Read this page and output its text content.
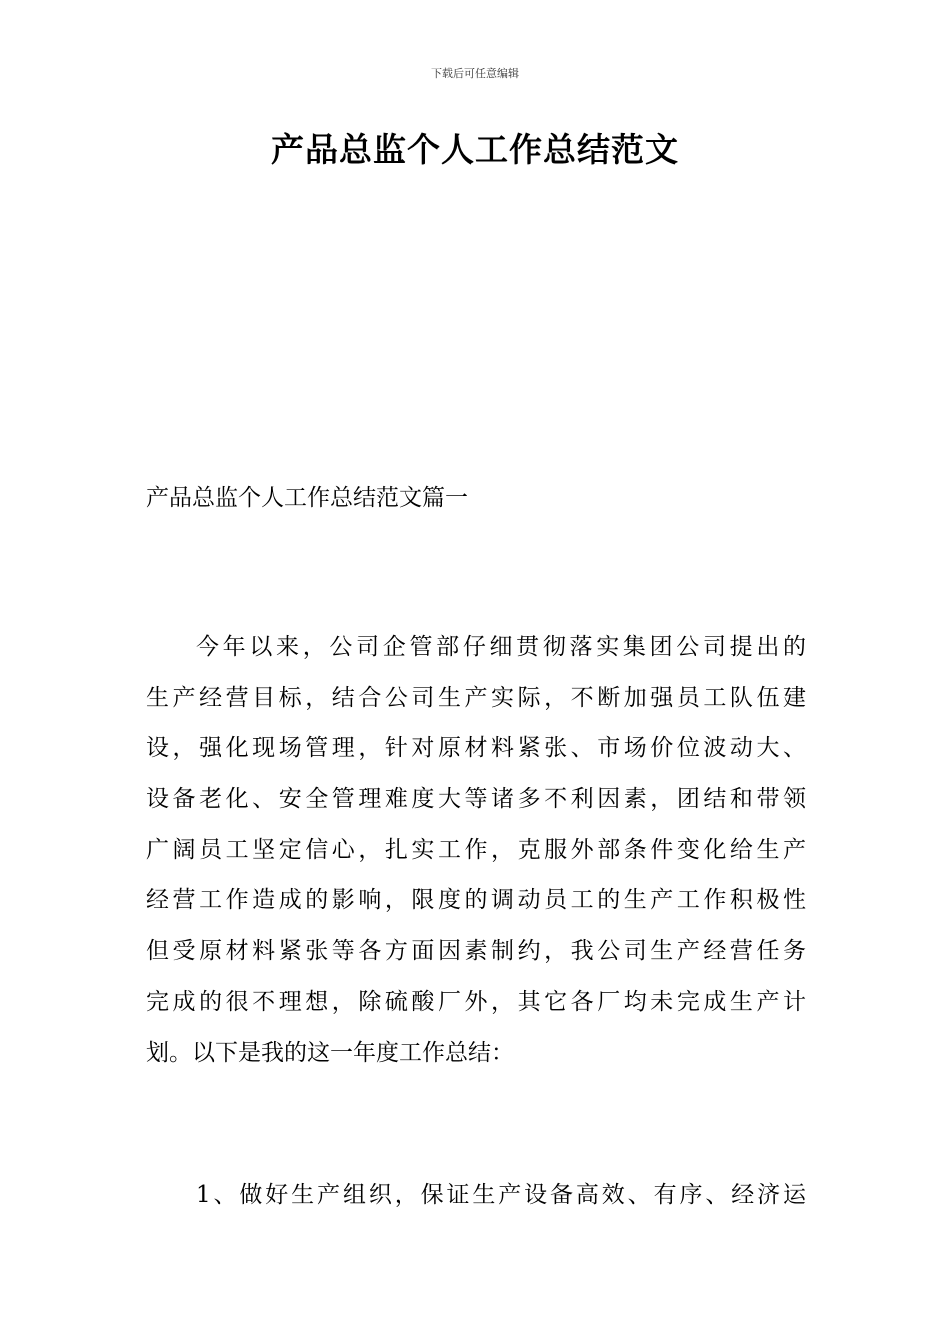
下载后可任意编辑
产品总监个人工作总结范文
产品总监个人工作总结范文篇一
今年以来，公司企管部仔细贯彻落实集团公司提出的
生产经营目标，结合公司生产实际，不断加强员工队伍建
设，强化现场管理，针对原材料紧张、市场价位波动大、
设备老化、安全管理难度大等诸多不利因素，团结和带领
广阔员工坚定信心，扎实工作，克服外部条件变化给生产
经营工作造成的影响，限度的调动员工的生产工作积极性
但受原材料紧张等各方面因素制约，我公司生产经营任务
完成的很不理想，除硫酸厂外，其它各厂均未完成生产计
划。以下是我的这一年度工作总结：
1、做好生产组织，保证生产设备高效、有序、经济运
